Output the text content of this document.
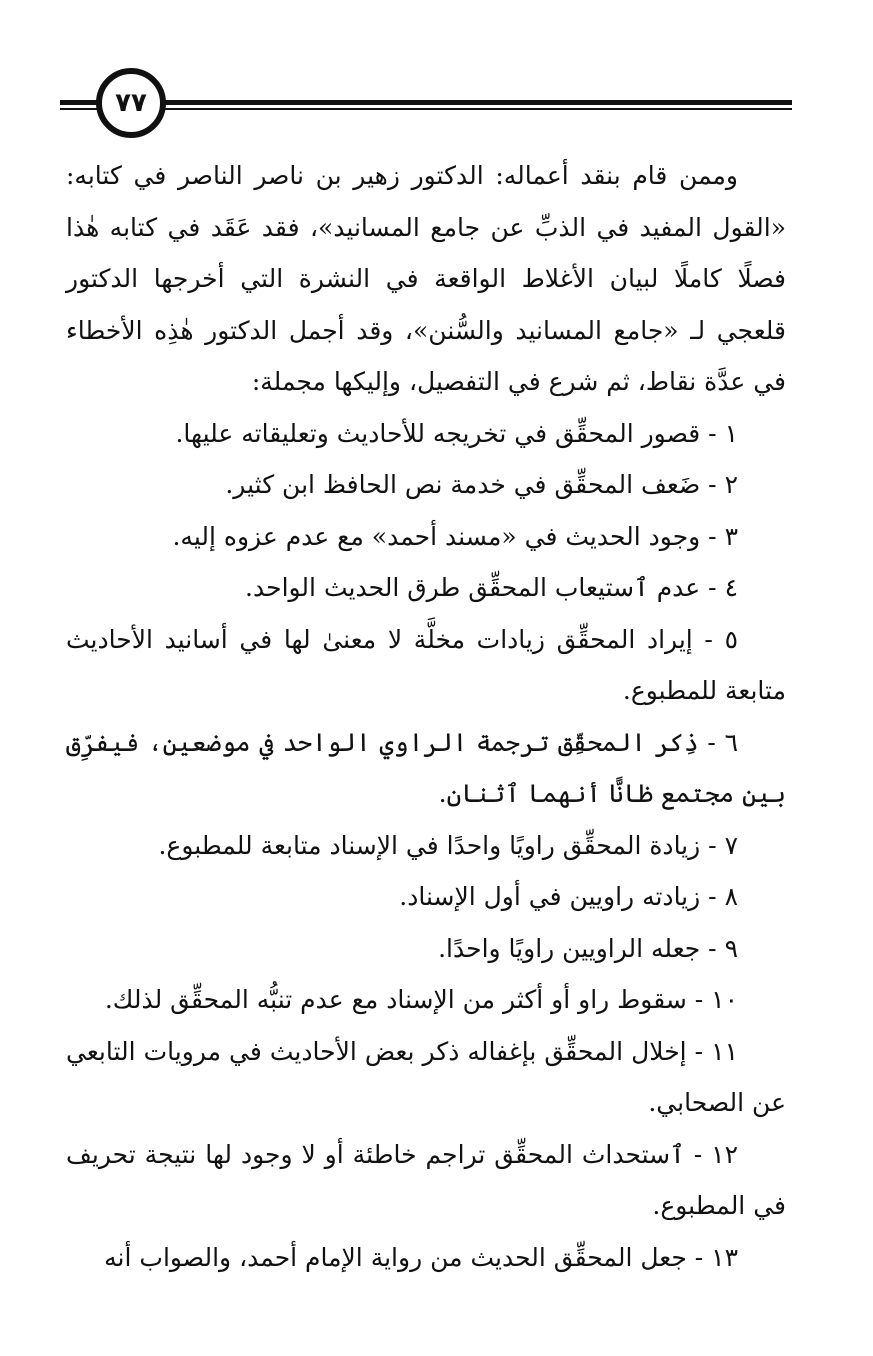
٧٧

وممن قام بنقد أعماله: الدكتور زهير بن ناصر الناصر في كتابه: «القول المفيد في الذبِّ عن جامع المسانيد»، فقد عَقَد في كتابه هٰذا فصلًا كاملًا لبيان الأغلاط الواقعة في النشرة التي أخرجها الدكتور قلعجي لـ «جامع المسانيد والسُّنن»، وقد أجمل الدكتور هٰذِه الأخطاء في عدَّة نقاط، ثم شرع في التفصيل، وإليكها مجملة:

١ - قصور المحقِّق في تخريجه للأحاديث وتعليقاته عليها.

٢ - ضَعف المحقِّق في خدمة نص الحافظ ابن كثير.

٣ - وجود الحديث في «مسند أحمد» مع عدم عزوه إليه.

٤ - عدم ٱستيعاب المحقِّق طرق الحديث الواحد.

٥ - إيراد المحقِّق زيادات مخلَّة لا معنىٰ لها في أسانيد الأحاديث متابعة للمطبوع.

٦ - ذِكر المحقِّق ترجمة الراوي الواحد في موضعين، فيفرِّق بين مجتمع ظانًّا أنهما ٱثنان.

٧ - زيادة المحقِّق راويًا واحدًا في الإسناد متابعة للمطبوع.

٨ - زيادته راويين في أول الإسناد.

٩ - جعله الراويين راويًا واحدًا.

١٠ - سقوط راو أو أكثر من الإسناد مع عدم تنبُّه المحقِّق لذلك.

١١ - إخلال المحقِّق بإغفاله ذكر بعض الأحاديث في مرويات التابعي عن الصحابي.

١٢ - ٱستحداث المحقِّق تراجم خاطئة أو لا وجود لها نتيجة تحريف في المطبوع.

١٣ - جعل المحقِّق الحديث من رواية الإمام أحمد، والصواب أنه
